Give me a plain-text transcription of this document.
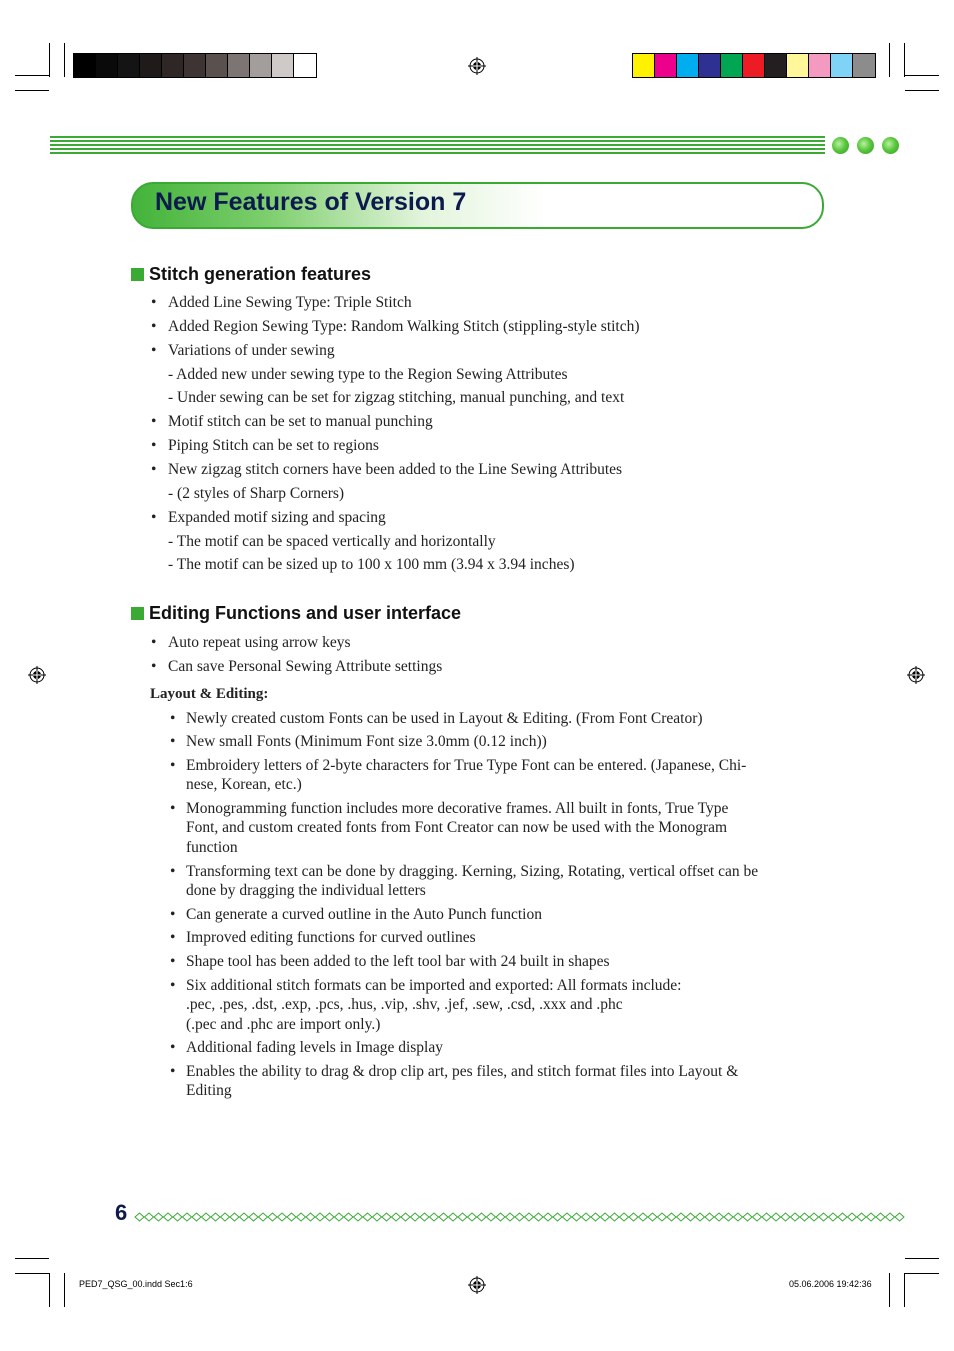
New Features of Version 7
Stitch generation features
• Added Line Sewing Type: Triple Stitch
• Added Region Sewing Type: Random Walking Stitch (stippling-style stitch)
• Variations of under sewing
- Added new under sewing type to the Region Sewing Attributes
- Under sewing can be set for zigzag stitching, manual punching, and text
• Motif stitch can be set to manual punching
• Piping Stitch can be set to regions
• New zigzag stitch corners have been added to the Line Sewing Attributes
- (2 styles of Sharp Corners)
• Expanded motif sizing and spacing
- The motif can be spaced vertically and horizontally
- The motif can be sized up to 100 x 100 mm (3.94 x 3.94 inches)
Editing Functions and user interface
• Auto repeat using arrow keys
• Can save Personal Sewing Attribute settings
Layout & Editing:
• Newly created custom Fonts can be used in Layout & Editing. (From Font Creator)
• New small Fonts (Minimum Font size 3.0mm (0.12 inch))
• Embroidery letters of 2-byte characters for True Type Font can be entered. (Japanese, Chi-
nese, Korean, etc.)
• Monogramming function includes more decorative frames. All built in fonts, True Type
Font, and custom created fonts from Font Creator can now be used with the Monogram
function
• Transforming text can be done by dragging. Kerning, Sizing, Rotating, vertical offset can be
done by dragging the individual letters
• Can generate a curved outline in the Auto Punch function
• Improved editing functions for curved outlines
• Shape tool has been added to the left tool bar with 24 built in shapes
• Six additional stitch formats can be imported and exported: All formats include:
.pec, .pes, .dst, .exp, .pcs, .hus, .vip, .shv, .jef, .sew, .csd, .xxx and .phc
(.pec and .phc are import only.)
• Additional fading levels in Image display
• Enables the ability to drag & drop clip art, pes files, and stitch format files into Layout &
Editing
6
PED7_QSG_00.indd Sec1:6	05.06.2006 19:42:36
